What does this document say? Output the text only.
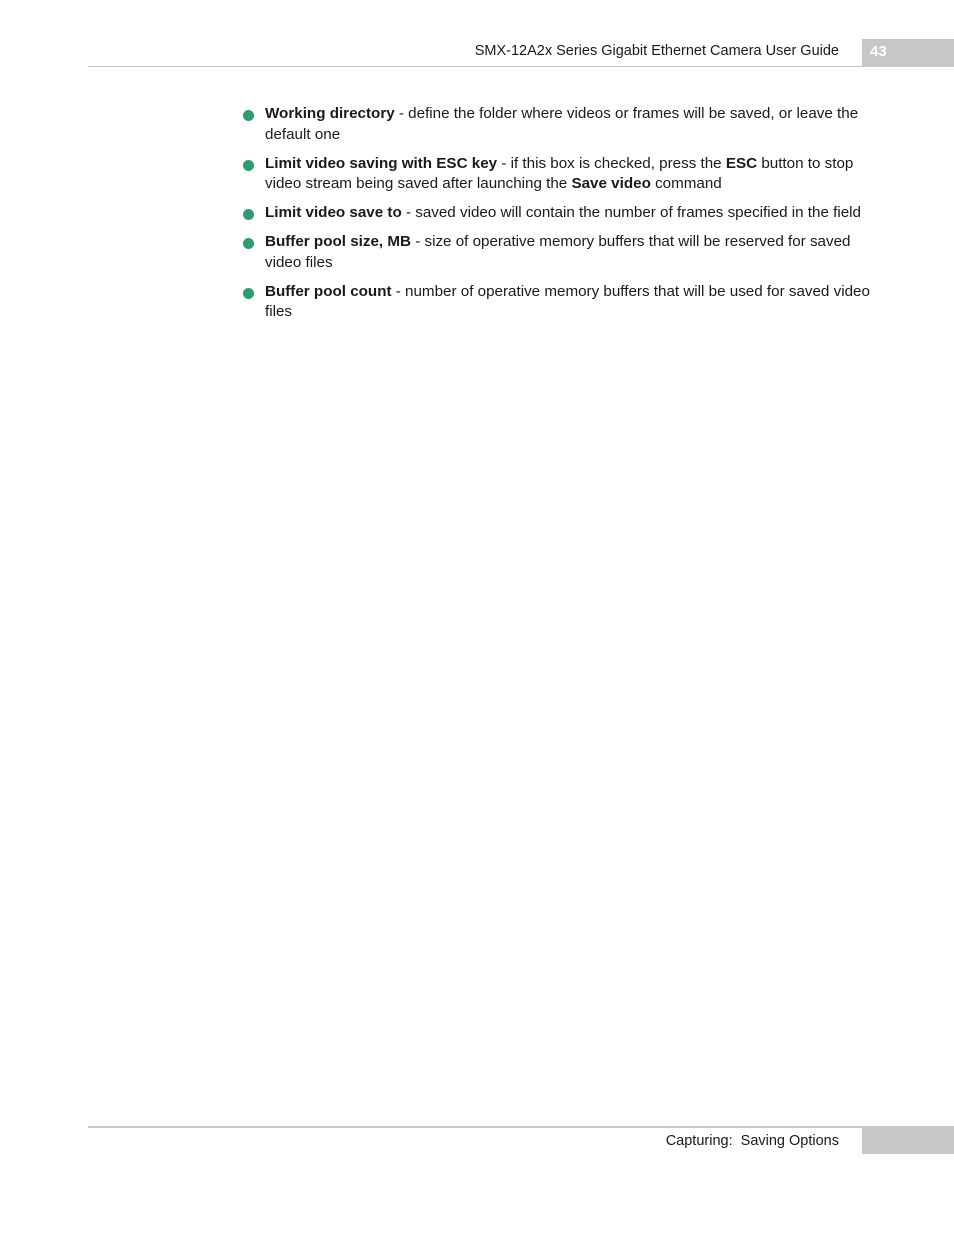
SMX-12A2x Series Gigabit Ethernet Camera User Guide 43
Working directory - define the folder where videos or frames will be saved, or leave the default one
Limit video saving with ESC key - if this box is checked, press the ESC button to stop video stream being saved after launching the Save video command
Limit video save to - saved video will contain the number of frames specified in the field
Buffer pool size, MB - size of operative memory buffers that will be reserved for saved video files
Buffer pool count - number of operative memory buffers that will be used for saved video files
Capturing:  Saving Options
